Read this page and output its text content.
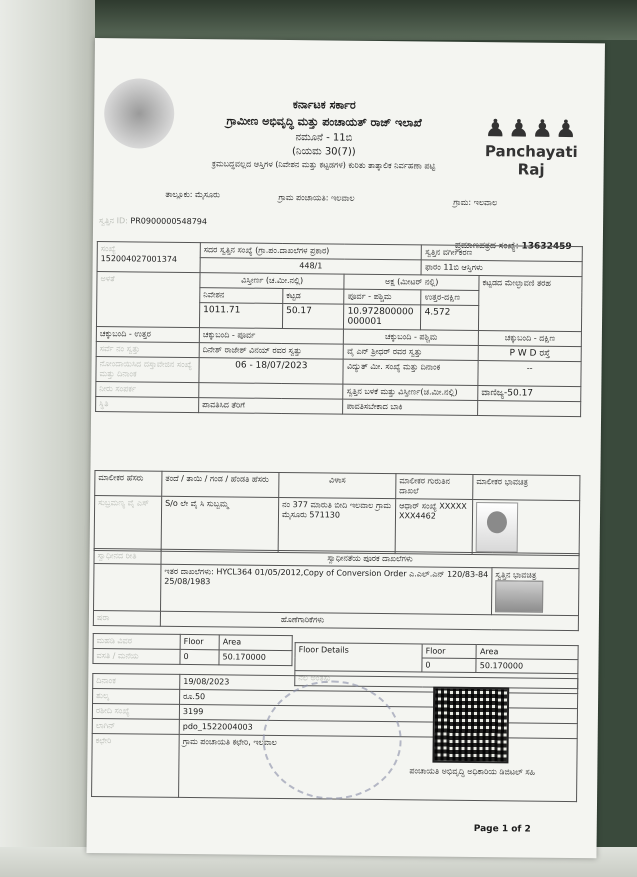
ಕರ್ನಾಟಕ ಸರ್ಕಾರ
ಗ್ರಾಮೀಣ ಅಭಿವೃದ್ಧಿ ಮತ್ತು ಪಂಚಾಯತ್ ರಾಜ್ ಇಲಾಖೆ
ನಮೂನೆ - 11ಬಿ
(ನಿಯಮ 30(7))
ಕ್ರಮಬದ್ಧವಲ್ಲದ ಆಸ್ತಿಗಳ (ನಿವೇಶನ ಮತ್ತು ಕಟ್ಟಡಗಳ) ಕುರಿತು ತಾತ್ಕಾಲಿಕ ನಿರ್ವಹಣಾ ಪಟ್ಟಿ
♟♟♟♟
Panchayati Raj
ತಾಲ್ಲೂಕು: ಮೈಸೂರು	ಗ್ರಾಮ ಪಂಚಾಯತಿ: ಇಲವಾಲ	ಗ್ರಾಮ: ಇಲವಾಲ
ಸ್ವತ್ತಿನ ID: PR0900000548794
ಪ್ರಮಾಣಪತ್ರದ ಸಂಖ್ಯೆ: 13632459
ಸಂಖ್ಯೆ
152004027001374	ಸದರ ಸ್ವತ್ತಿನ ಸಂಖ್ಯೆ (ಗ್ರಾ.ಪಂ.ದಾಖಲೆಗಳ ಪ್ರಕಾರ)			ಸ್ವತ್ತಿನ ವರ್ಗೀಕರಣ	
	448/1			ಫಾರಂ 11ಬಿ ಆಸ್ತಿಗಳು	
ಅಳತೆ	ವಿಸ್ತೀರ್ಣ (ಚ.ಮೀ.ನಲ್ಲಿ)		ಅಕ್ಷ (ಮೀಟರ್ ನಲ್ಲಿ)		ಕಟ್ಟಡದ ಮೇಲ್ಛಾವಣಿ ತರಹ
	ನಿವೇಶನ	ಕಟ್ಟಡ	ಪೂರ್ವ - ಪಶ್ಚಿಮ	ಉತ್ತರ-ದಕ್ಷಿಣ	
	1011.71	50.17	10.972800000000001	4.572	
ಚಕ್ಕುಬಂದಿ - ಉತ್ತರ	ಚಕ್ಕುಬಂದಿ - ಪೂರ್ವ		ಚಕ್ಕುಬಂದಿ - ಪಶ್ಚಿಮ		ಚಕ್ಕುಬಂದಿ - ದಕ್ಷಿಣ
ಸರ್ವೆ ನಂ ಸ್ವತ್ತು	ದಿನೇಶ್ ರಾಜೇಶ್ ವಿನಯ್ ರವರ ಸ್ವತ್ತು		ವೈ ಎನ್ ಶ್ರೀಧರ್ ರವರ ಸ್ವತ್ತು		P W D ರಸ್ತೆ
ನೋಂದಾಯಿಸಿದ ದಸ್ತಾವೇಜಿನ ಸಂಖ್ಯೆ ಮತ್ತು ದಿನಾಂಕ	06 - 18/07/2023		ವಿದ್ಯುತ್ ಮೀ. ಸಂಖ್ಯೆ ಮತ್ತು ದಿನಾಂಕ		--
ನೀರು ಸಂಪರ್ಕ			ಸ್ವತ್ತಿನ ಬಳಕೆ ಮತ್ತು ವಿಸ್ತೀರ್ಣ(ಚ.ಮೀ.ನಲ್ಲಿ)		ವಾಣಿಜ್ಯ-50.17
ಸ್ಥಿತಿ	ಪಾವತಿಸಿದ ತೆರಿಗೆ		ಪಾವತಿಸಬೇಕಾದ ಬಾಕಿ		
ಮಾಲೀಕರ ಹೆಸರು	ತಂದೆ / ತಾಯಿ / ಗಂಡ / ಹೆಂಡತಿ ಹೆಸರು	ವಿಳಾಸ	ಮಾಲೀಕರ ಗುರುತಿನ ದಾಖಲೆ	ಮಾಲೀಕರ ಭಾವಚಿತ್ರ
ಸುಬ್ರಮಣ್ಯ ವೈ ಎಸ್	S/o ಲೇ ವೈ ಸಿ ಸುಬ್ಬಮ್ಮ	ನಂ 377 ಮಾರುತಿ ಬೀದಿ ಇಲವಾಲ ಗ್ರಾಮ ಮೈಸೂರು 571130	ಆಧಾರ್ ಸಂಖ್ಯೆ XXXXXXXX4462	
ಸ್ವಾಧೀನದ ರೀತಿ	ಸ್ವಾಧೀನತೆಯ ಪೂರಕ ದಾಖಲೆಗಳು	
	ಇತರ ದಾಖಲೆಗಳು: HYCL364 01/05/2012,Copy of Conversion Order ಎ.ಎಲ್.ಎನ್ 120/83-84 25/08/1983	ಸ್ವತ್ತಿನ ಭಾವಚಿತ್ರ

ಷರಾ	ಹೊಣೆಗಾರಿಕೆಗಳು	
ಮಹಡಿ ವಿವರ	Floor	Area
ವಸತಿ / ಮನೆಯ	0	50.170000
Floor Details	Floor	Area
	0	50.170000
ನೆಲ ಅಂತಸ್ತು		
ದಿನಾಂಕ	19/08/2023
ಶುಲ್ಕ	ರೂ.50
ರಶೀದಿ ಸಂಖ್ಯೆ	3199
ಲಾಗಿನ್	pdo_1522004003
ಕಛೇರಿ	ಗ್ರಾಮ ಪಂಚಾಯತಿ ಕಛೇರಿ, ಇಲವಾಲ
ಪಂಚಾಯತಿ ಅಭಿವೃದ್ಧಿ ಅಧಿಕಾರಿಯ ಡಿಜಿಟಲ್ ಸಹಿ
Page 1 of 2
